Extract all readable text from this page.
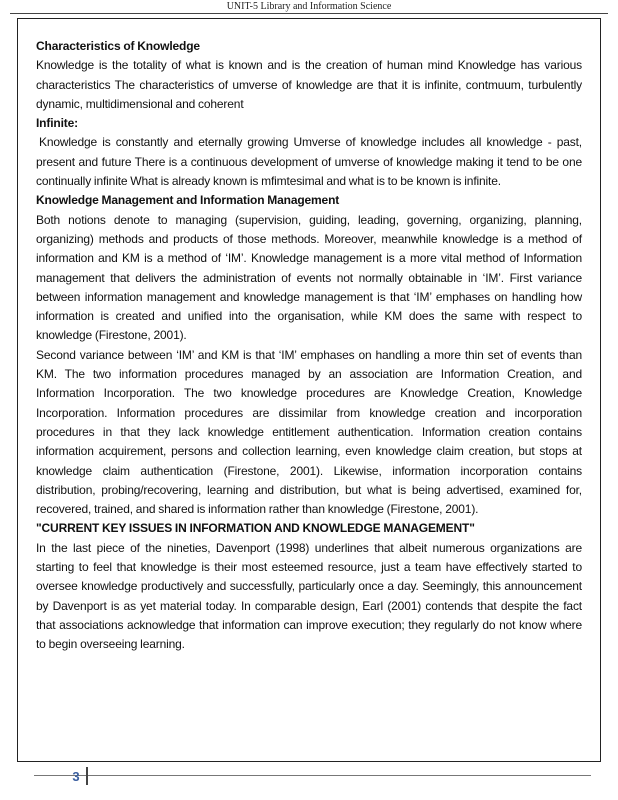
UNIT-5 Library and Information Science

Characteristics of Knowledge

Knowledge is the totality of what is known and is the creation of human mind Knowledge has various characteristics The characteristics of umverse of knowledge are that it is infinite, contmuum, turbulently dynamic, multidimensional and coherent

Infinite:

Knowledge is constantly and eternally growing Umverse of knowledge includes all knowledge - past, present and future There is a continuous development of umverse of knowledge making it tend to be one continually infinite What is already known is mfimtesimal and what is to be known is infinite.

Knowledge Management and Information Management

Both notions denote to managing (supervision, guiding, leading, governing, organizing, planning, organizing) methods and products of those methods. Moreover, meanwhile knowledge is a method of information and KM is a method of ‘IM’. Knowledge management is a more vital method of Information management that delivers the administration of events not normally obtainable in ‘IM’. First variance between information management and knowledge management is that ‘IM’ emphases on handling how information is created and unified into the organisation, while KM does the same with respect to knowledge (Firestone, 2001).

Second variance between ‘IM’ and KM is that ‘IM’ emphases on handling a more thin set of events than KM. The two information procedures managed by an association are Information Creation, and Information Incorporation. The two knowledge procedures are Knowledge Creation, Knowledge Incorporation. Information procedures are dissimilar from knowledge creation and incorporation procedures in that they lack knowledge entitlement authentication. Information creation contains information acquirement, persons and collection learning, even knowledge claim creation, but stops at knowledge claim authentication (Firestone, 2001). Likewise, information incorporation contains distribution, probing/recovering, learning and distribution, but what is being advertised, examined for, recovered, trained, and shared is information rather than knowledge (Firestone, 2001).

"CURRENT KEY ISSUES IN INFORMATION AND KNOWLEDGE MANAGEMENT"

In the last piece of the nineties, Davenport (1998) underlines that albeit numerous organizations are starting to feel that knowledge is their most esteemed resource, just a team have effectively started to oversee knowledge productively and successfully, particularly once a day. Seemingly, this announcement by Davenport is as yet material today. In comparable design, Earl (2001) contends that despite the fact that associations acknowledge that information can improve execution; they regularly do not know where to begin overseeing learning.

3
